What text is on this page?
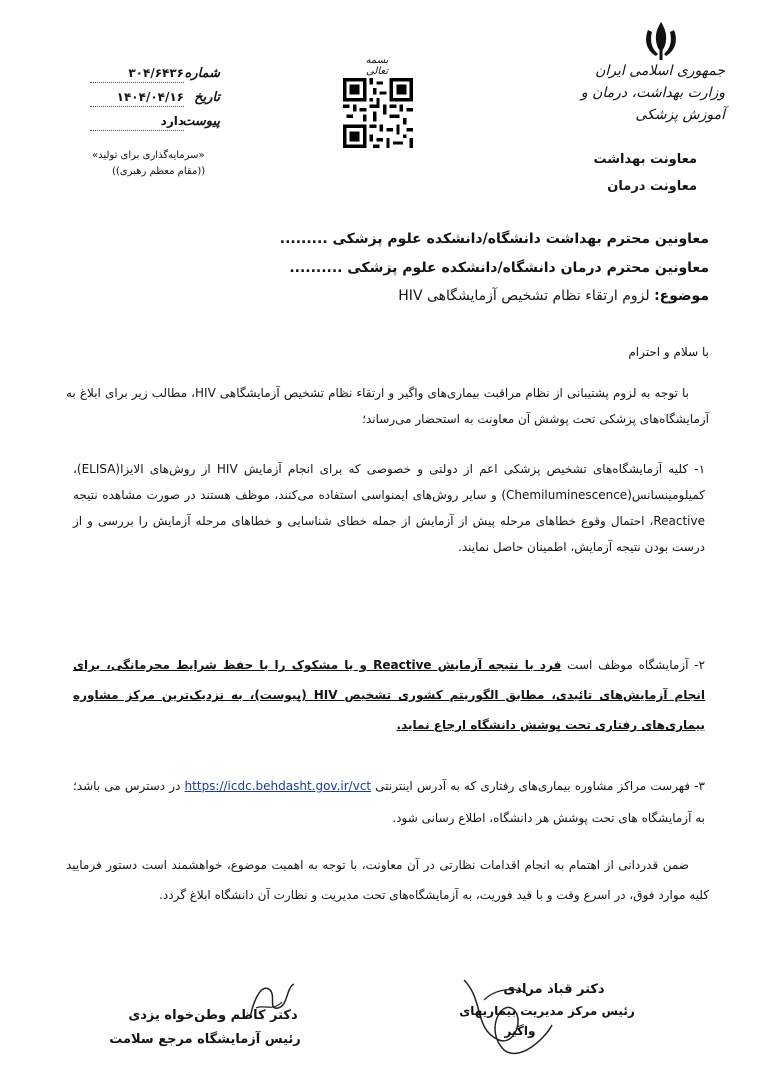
جمهوری اسلامی ایران
وزارت بهداشت، درمان و آموزش پزشکی
معاونت بهداشت
معاونت درمان
بسمه تعالی
شماره
۳۰۴/۶۴۳۶
تاریخ
۱۴۰۴/۰۴/۱۶
پیوست
دارد
«سرمایه‌گذاری برای تولید»
((مقام معظم رهبری))
معاونین محترم بهداشت دانشگاه/دانشکده علوم پزشکی .........
معاونین محترم درمان دانشگاه/دانشکده علوم پزشکی ..........
موضوع: لزوم ارتقاء نظام تشخیص آزمایشگاهی HIV
با سلام و احترام
با توجه به لزوم پشتیبانی از نظام مراقبت بیماری‌های واگیر و ارتقاء نظام تشخیص آزمایشگاهی HIV، مطالب زیر برای ابلاغ به آزمایشگاه‌های پزشکی تحت پوشش آن معاونت به استحضار می‌رساند؛
۱- کلیه آزمایشگاه‌های تشخیص پزشکی اعم از دولتی و خصوصی که برای انجام آزمایش HIV از روش‌های الایزا(ELISA)، کمیلومینسانس(Chemiluminescence) و سایر روش‌های ایمنواسی استفاده می‌کنند، موظف هستند در صورت مشاهده نتیجه Reactive، احتمال وقوع خطاهای مرحله پیش از آزمایش از جمله خطای شناسایی و خطاهای مرحله آزمایش را بررسی و از درست بودن نتیجه آزمایش، اطمینان حاصل نمایند.
۲- آزمایشگاه موظف است فرد با نتیجه آزمایش Reactive و یا مشکوک را با حفظ شرایط محرمانگی، برای انجام آزمایش‌های تائیدی، مطابق الگوریتم کشوری تشخیص HIV (پیوست)، به نزدیک‌ترین مرکز مشاوره بیماری‌های رفتاری تحت پوشش دانشگاه ارجاع نماید.
۳- فهرست مراکز مشاوره بیماری‌های رفتاری که به آدرس اینترنتی https://icdc.behdasht.gov.ir/vct در دسترس می باشد؛ به آزمایشگاه های تحت پوشش هر دانشگاه، اطلاع رسانی شود.
ضمن قدردانی از اهتمام به انجام اقدامات نظارتی در آن معاونت، با توجه به اهمیت موضوع، خواهشمند است دستور فرمایید کلیه موارد فوق، در اسرع وقت و با قید فوریت، به آزمایشگاه‌های تحت مدیریت و نظارت آن دانشگاه ابلاغ گردد.
دکتر قباد مرادی
رئیس مرکز مدیریت بیماریهای
واگیر
دکتر کاظم وطن‌خواه یزدی
رئیس آزمایشگاه مرجع سلامت
